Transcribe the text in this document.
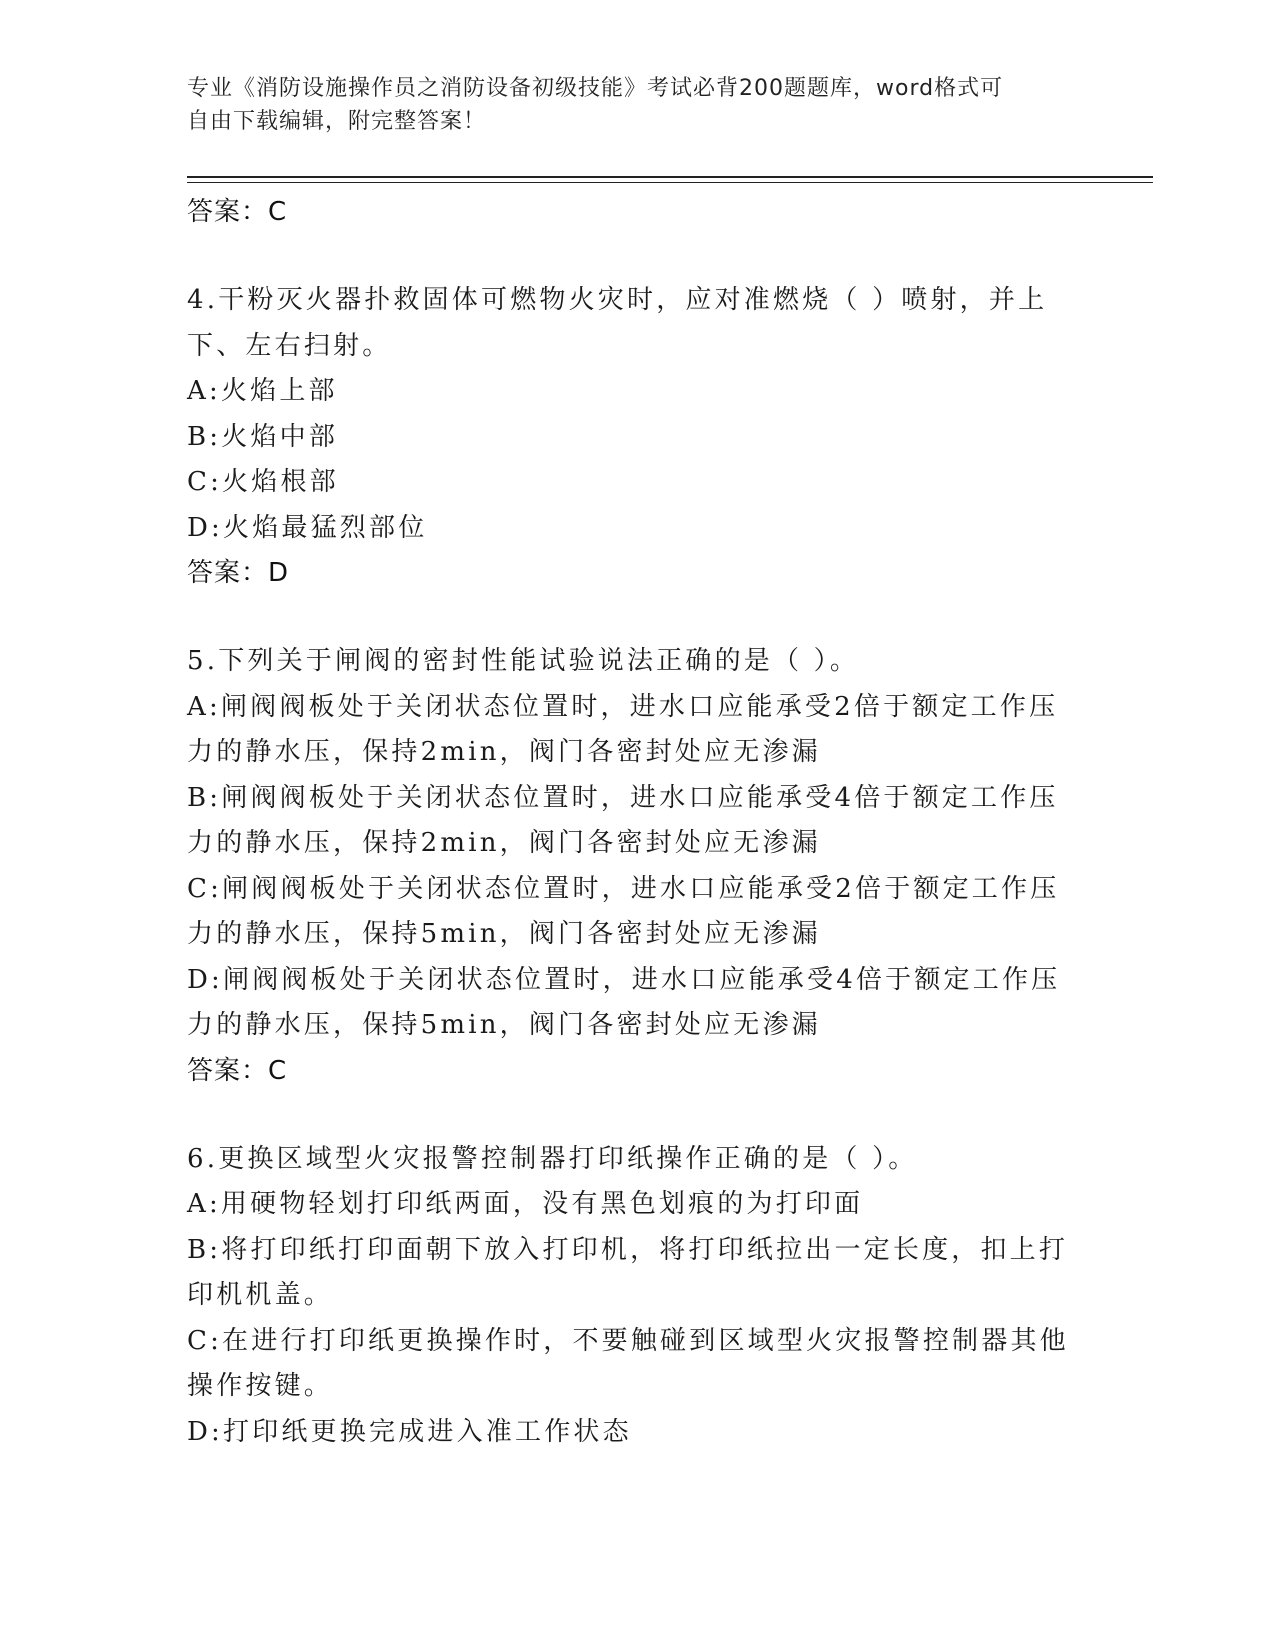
专业《消防设施操作员之消防设备初级技能》考试必背200题题库，word格式可
自由下载编辑，附完整答案！
答案：C
4.干粉灭火器扑救固体可燃物火灾时，应对准燃烧（ ）喷射，并上
下、左右扫射。
A:火焰上部
B:火焰中部
C:火焰根部
D:火焰最猛烈部位
答案：D
5.下列关于闸阀的密封性能试验说法正确的是（ ）。
A:闸阀阀板处于关闭状态位置时，进水口应能承受2倍于额定工作压
力的静水压，保持2min，阀门各密封处应无渗漏
B:闸阀阀板处于关闭状态位置时，进水口应能承受4倍于额定工作压
力的静水压，保持2min，阀门各密封处应无渗漏
C:闸阀阀板处于关闭状态位置时，进水口应能承受2倍于额定工作压
力的静水压，保持5min，阀门各密封处应无渗漏
D:闸阀阀板处于关闭状态位置时，进水口应能承受4倍于额定工作压
力的静水压，保持5min，阀门各密封处应无渗漏
答案：C
6.更换区域型火灾报警控制器打印纸操作正确的是（ ）。
A:用硬物轻划打印纸两面，没有黑色划痕的为打印面
B:将打印纸打印面朝下放入打印机，将打印纸拉出一定长度，扣上打
印机机盖。
C:在进行打印纸更换操作时，不要触碰到区域型火灾报警控制器其他
操作按键。
D:打印纸更换完成进入准工作状态
